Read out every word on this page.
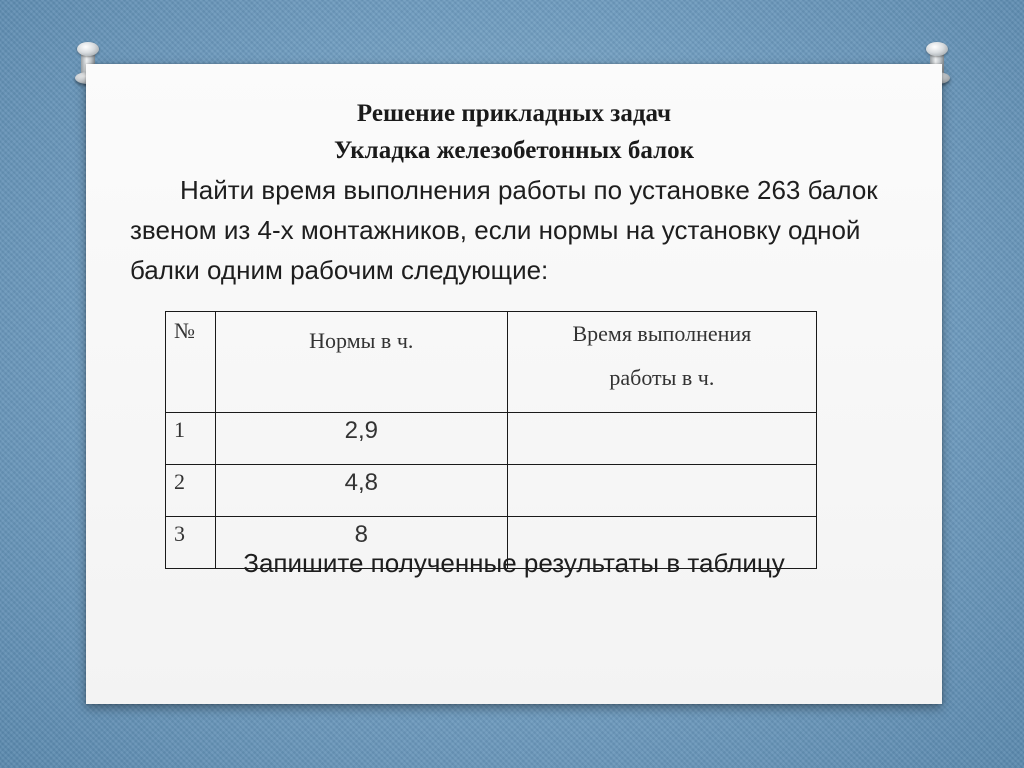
Решение прикладных задач

Укладка железобетонных балок

Найти время выполнения работы по установке 263 балок звеном из 4-х монтажников, если нормы на установку одной балки одним рабочим следующие:

№	Нормы в ч.	Время выполнения
работы в ч.

1	2,9	
2	4,8	
3	8	

Запишите полученные результаты в таблицу
